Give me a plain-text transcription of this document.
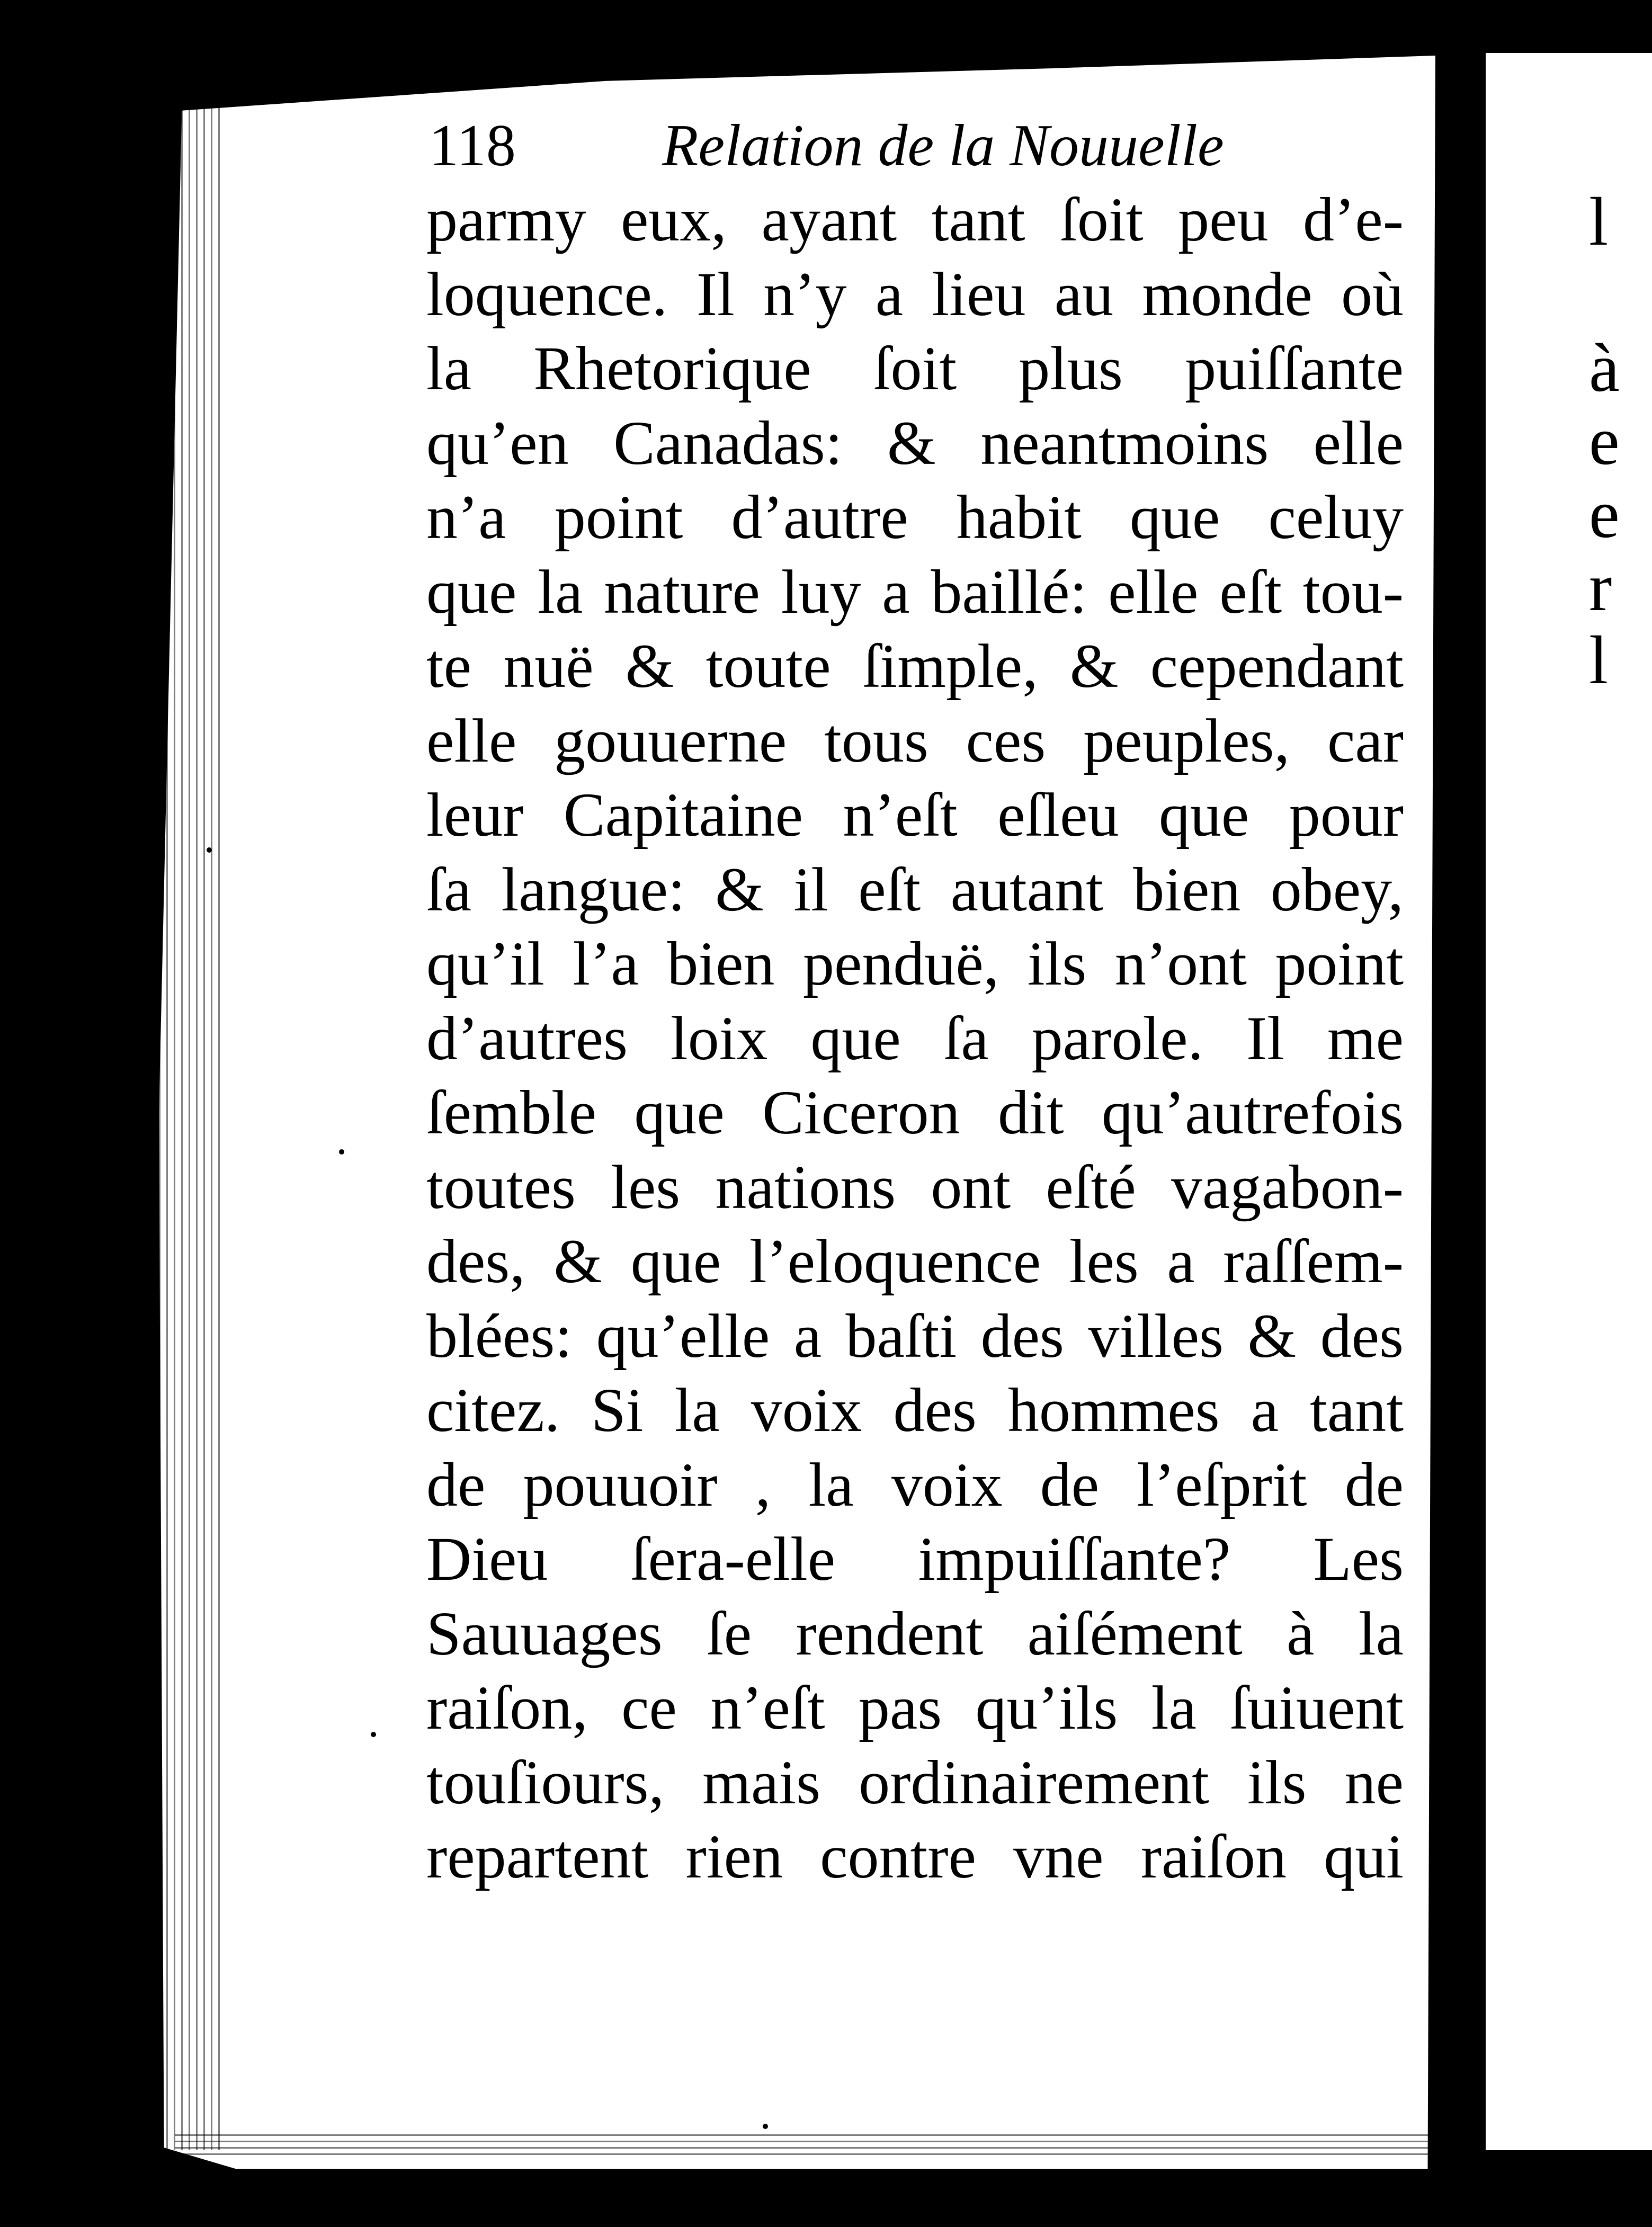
l

à
e
e
r
l

118 Relation de la Nouuelle
parmy eux, ayant tant ſoit peu d’e-
loquence. Il n’y a lieu au monde où
la Rhetorique ſoit plus puiſſante
qu’en Canadas: & neantmoins elle
n’a point d’autre habit que celuy
que la nature luy a baillé: elle eſt tou-
te nuë & toute ſimple, & cependant
elle gouuerne tous ces peuples, car
leur Capitaine n’eſt eſleu que pour
ſa langue: & il eſt autant bien obey,
qu’il l’a bien penduë, ils n’ont point
d’autres loix que ſa parole. Il me
ſemble que Ciceron dit qu’autrefois
toutes les nations ont eſté vagabon-
des, & que l’eloquence les a raſſem-
blées: qu’elle a baſti des villes & des
citez. Si la voix des hommes a tant
de pouuoir , la voix de l’eſprit de
Dieu ſera-elle impuiſſante? Les
Sauuages ſe rendent aiſément à la
raiſon, ce n’eſt pas qu’ils la ſuiuent
touſiours, mais ordinairement ils ne
repartent rien contre vne raiſon qui
